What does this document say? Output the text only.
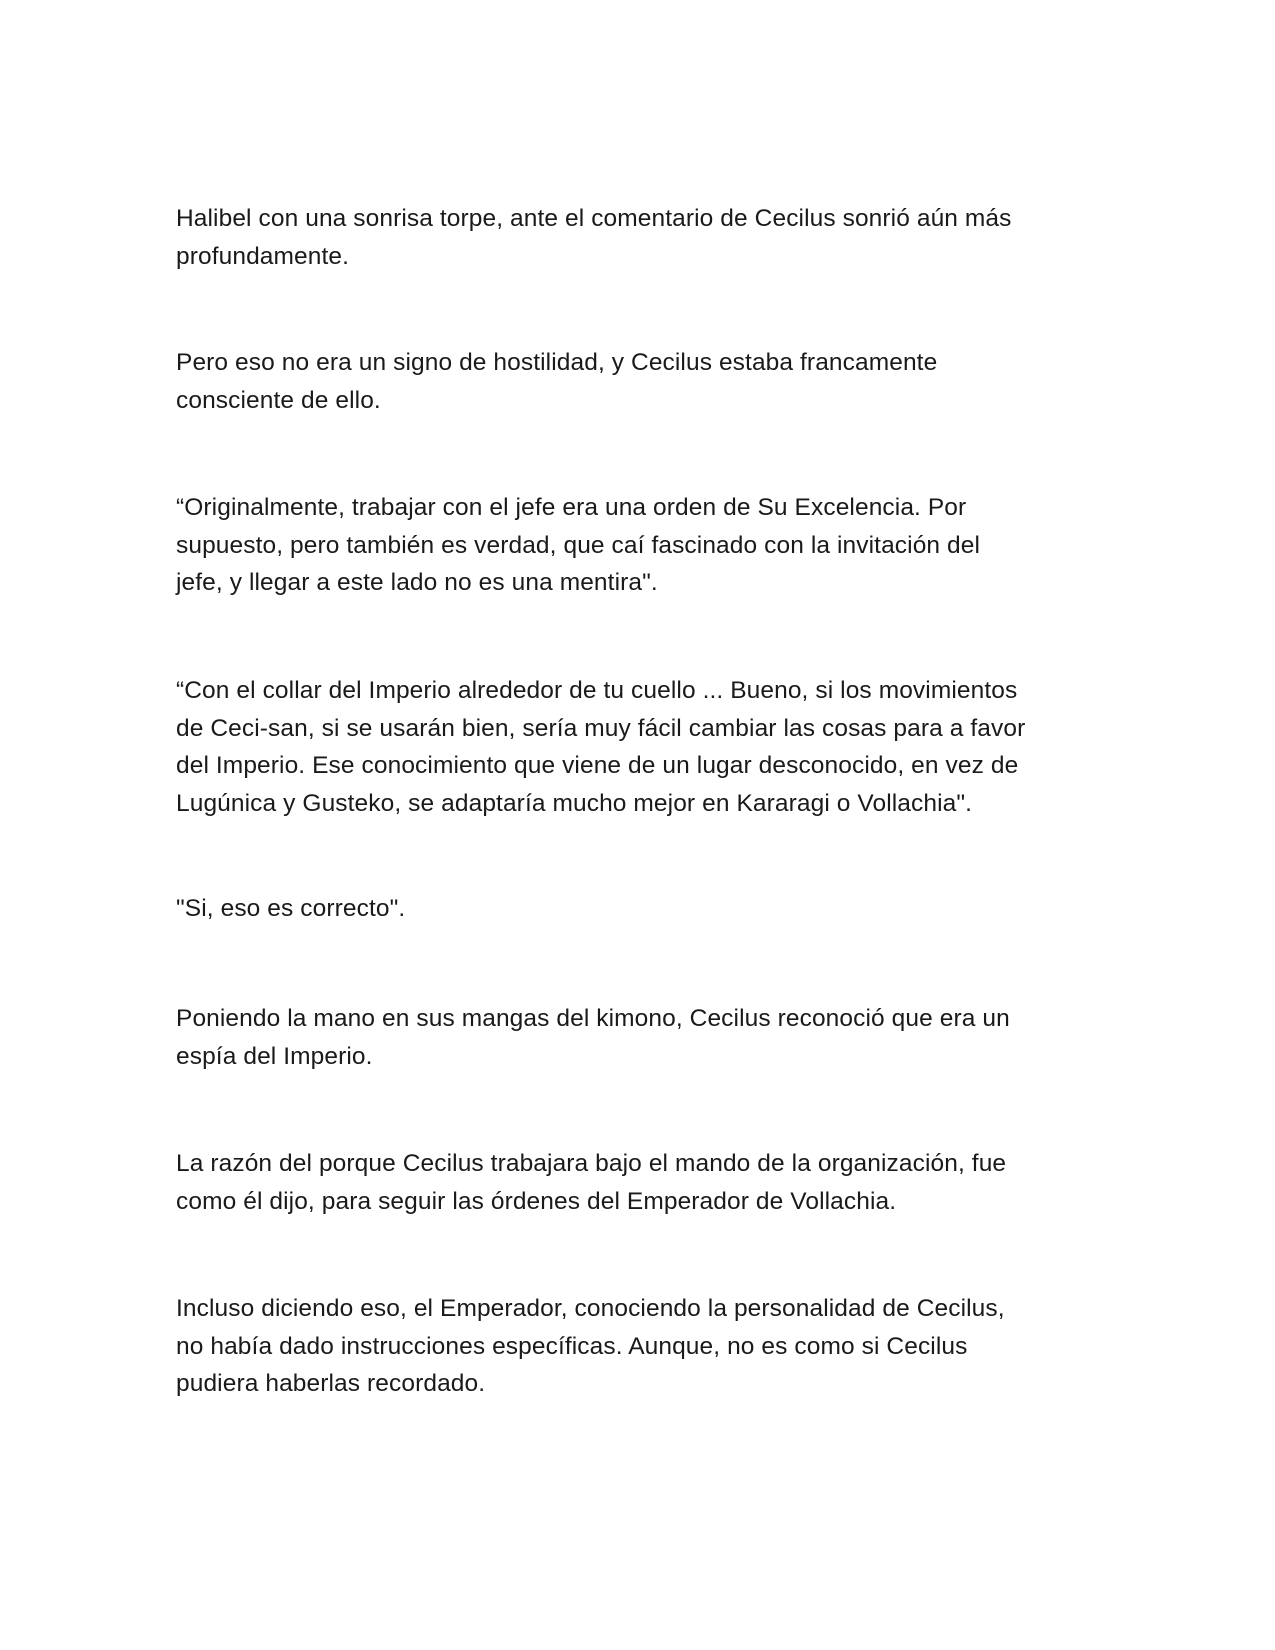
Halibel con una sonrisa torpe, ante el comentario de Cecilus sonrió aún más
profundamente.

Pero eso no era un signo de hostilidad, y Cecilus estaba francamente
consciente de ello.

“Originalmente, trabajar con el jefe era una orden de Su Excelencia. Por
supuesto, pero también es verdad, que caí fascinado con la invitación del
jefe, y llegar a este lado no es una mentira".

“Con el collar del Imperio alrededor de tu cuello ... Bueno, si los movimientos
de Ceci-san, si se usarán bien, sería muy fácil cambiar las cosas para a favor
del Imperio. Ese conocimiento que viene de un lugar desconocido, en vez de
Lugúnica y Gusteko, se adaptaría mucho mejor en Kararagi o Vollachia".

"Si, eso es correcto".

Poniendo la mano en sus mangas del kimono, Cecilus reconoció que era un
espía del Imperio.

La razón del porque Cecilus trabajara bajo el mando de la organización, fue
como él dijo, para seguir las órdenes del Emperador de Vollachia.

Incluso diciendo eso, el Emperador, conociendo la personalidad de Cecilus,
no había dado instrucciones específicas. Aunque, no es como si Cecilus
pudiera haberlas recordado.
